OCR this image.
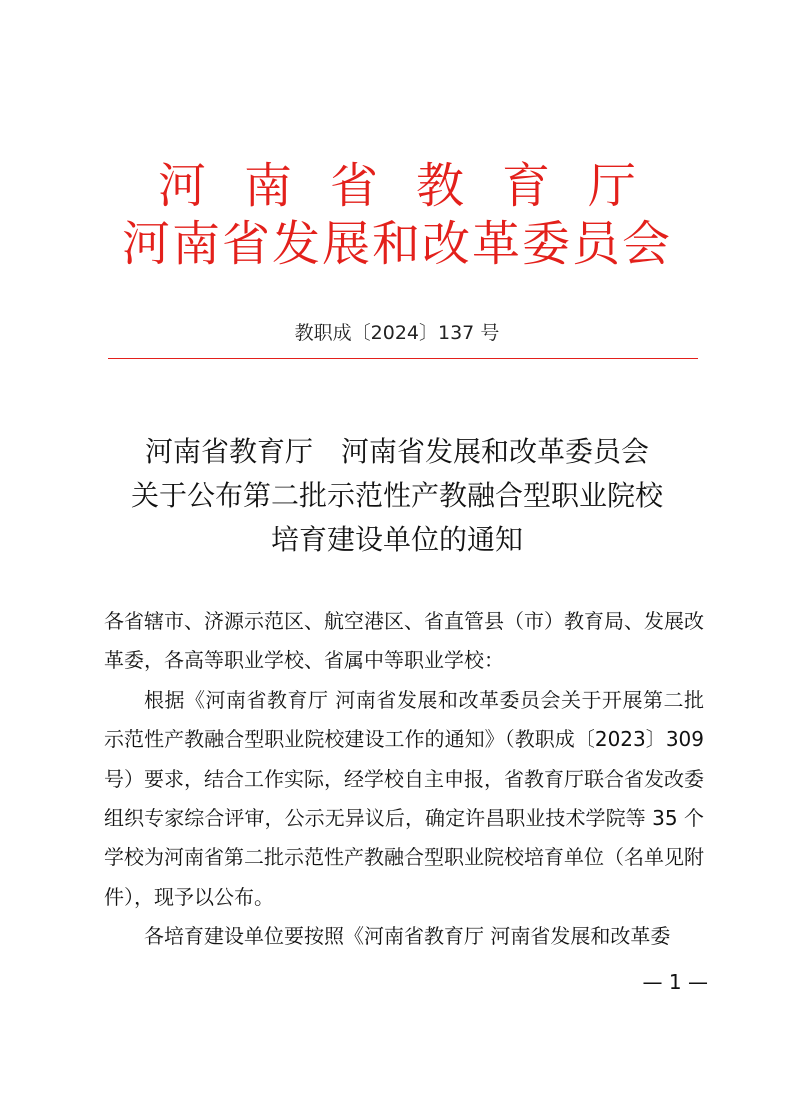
河南省教育厅
河南省发展和改革委员会
教职成〔2024〕137 号
河南省教育厅　河南省发展和改革委员会
关于公布第二批示范性产教融合型职业院校
培育建设单位的通知

各省辖市、济源示范区、航空港区、省直管县（市）教育局、发展改革委，各高等职业学校、省属中等职业学校：

根据《河南省教育厅 河南省发展和改革委员会关于开展第二批示范性产教融合型职业院校建设工作的通知》（教职成〔2023〕309 号）要求，结合工作实际，经学校自主申报，省教育厅联合省发改委组织专家综合评审，公示无异议后，确定许昌职业技术学院等 35 个学校为河南省第二批示范性产教融合型职业院校培育单位（名单见附件），现予以公布。

各培育建设单位要按照《河南省教育厅 河南省发展和改革委

— 1 —
